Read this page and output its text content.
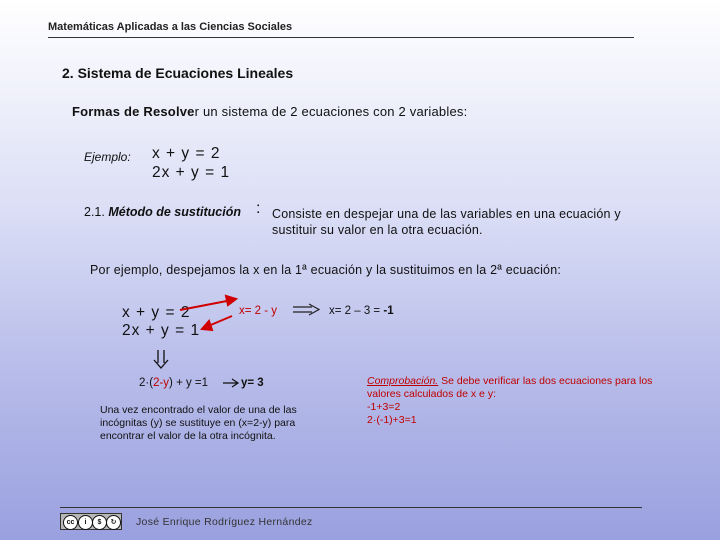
Matemáticas Aplicadas a las Ciencias Sociales
2. Sistema de Ecuaciones Lineales
Formas de Resolver un sistema de 2 ecuaciones con 2 variables:
Ejemplo: x + y = 2
2x + y = 1
2.1. Método de sustitución : Consiste en despejar una de las variables en una ecuación y sustituir su valor en la otra ecuación.
Por ejemplo, despejamos la x en la 1ª ecuación y la sustituimos en la 2ª ecuación:
x + y = 2
2x + y = 1
x= 2 - y	x= 2 – 3 = -1
2·(2-y) + y =1	y= 3
Una vez encontrado el valor de una de las incógnitas (y) se sustituye en (x=2-y) para encontrar el valor de la otra incógnita.
Comprobación. Se debe verificar las dos ecuaciones para los valores calculados de x e y:
-1+3=2
2·(-1)+3=1
cc	i	$	↻	José Enrique Rodríguez Hernández
